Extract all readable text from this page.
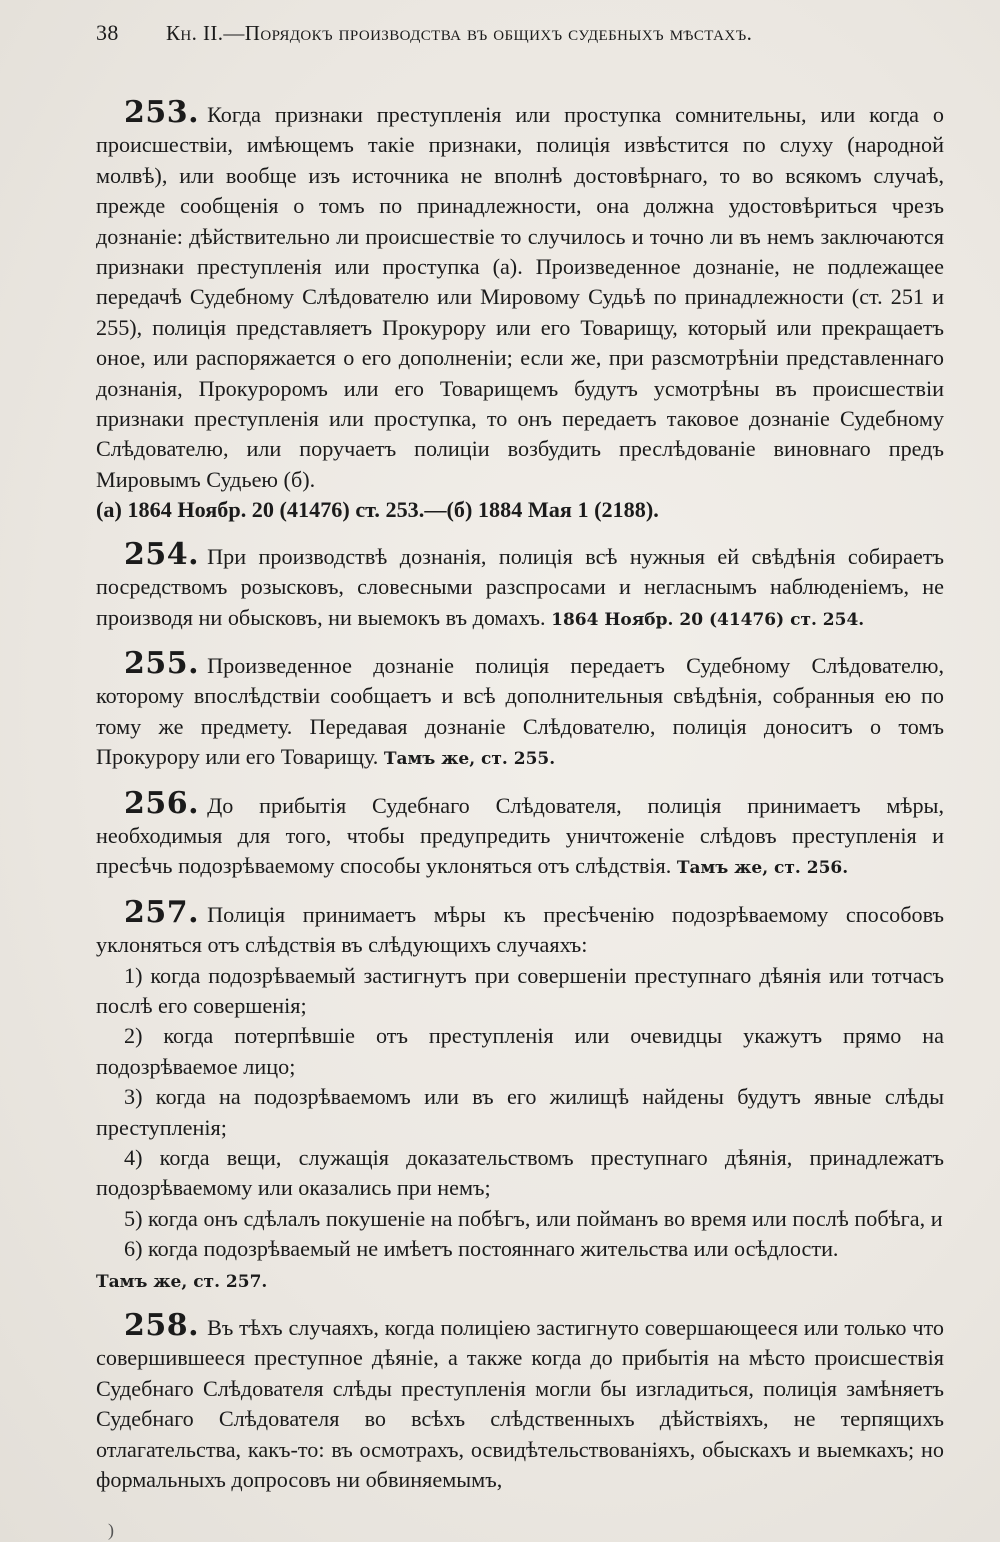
38	Кн. II.—Порядокъ производства въ общихъ судебныхъ мѣстахъ.

253. Когда признаки преступленія или проступка сомнительны, или когда о происшествіи, имѣющемъ такіе признаки, полиція извѣстится по слуху (народной молвѣ), или вообще изъ источника не вполнѣ достовѣрнаго, то во всякомъ случаѣ, прежде сообщенія о томъ по принадлежности, она должна удостовѣриться чрезъ дознаніе: дѣйствительно ли происшествіе то случилось и точно ли въ немъ заключаются признаки преступленія или проступка (а). Произведенное дознаніе, не подлежащее передачѣ Судебному Слѣдователю или Мировому Судьѣ по принадлежности (ст. 251 и 255), полиція представляетъ Прокурору или его Товарищу, который или прекращаетъ оное, или распоряжается о его дополненіи; если же, при разсмотрѣніи представленнаго дознанія, Прокуроромъ или его Товарищемъ будутъ усмотрѣны въ происшествіи признаки преступленія или проступка, то онъ передаетъ таковое дознаніе Судебному Слѣдователю, или поручаетъ полиціи возбудить преслѣдованіе виновнаго предъ Мировымъ Судьею (б).

(а) 1864 Ноябр. 20 (41476) ст. 253.—(б) 1884 Мая 1 (2188).

254. При производствѣ дознанія, полиція всѣ нужныя ей свѣдѣнія собираетъ посредствомъ розысковъ, словесными разспросами и негласнымъ наблюденіемъ, не производя ни обысковъ, ни выемокъ въ домахъ. 1864 Ноябр. 20 (41476) ст. 254.

255. Произведенное дознаніе полиція передаетъ Судебному Слѣдователю, которому впослѣдствіи сообщаетъ и всѣ дополнительныя свѣдѣнія, собранныя ею по тому же предмету. Передавая дознаніе Слѣдователю, полиція доноситъ о томъ Прокурору или его Товарищу. Тамъ же, ст. 255.

256. До прибытія Судебнаго Слѣдователя, полиція принимаетъ мѣры, необходимыя для того, чтобы предупредить уничтоженіе слѣдовъ преступленія и пресѣчь подозрѣваемому способы уклоняться отъ слѣдствія. Тамъ же, ст. 256.

257. Полиція принимаетъ мѣры къ пресѣченію подозрѣваемому способовъ уклоняться отъ слѣдствія въ слѣдующихъ случаяхъ:

1) когда подозрѣваемый застигнутъ при совершеніи преступнаго дѣянія или тотчасъ послѣ его совершенія;

2) когда потерпѣвшіе отъ преступленія или очевидцы укажутъ прямо на подозрѣваемое лицо;

3) когда на подозрѣваемомъ или въ его жилищѣ найдены будутъ явные слѣды преступленія;

4) когда вещи, служащія доказательствомъ преступнаго дѣянія, принадлежатъ подозрѣваемому или оказались при немъ;

5) когда онъ сдѣлалъ покушеніе на побѣгъ, или пойманъ во время или послѣ побѣга, и

6) когда подозрѣваемый не имѣетъ постояннаго жительства или осѣдлости.

Тамъ же, ст. 257.

258. Въ тѣхъ случаяхъ, когда полиціею застигнуто совершающееся или только что совершившееся преступное дѣяніе, а также когда до прибытія на мѣсто происшествія Судебнаго Слѣдователя слѣды преступленія могли бы изгладиться, полиція замѣняетъ Судебнаго Слѣдователя во всѣхъ слѣдственныхъ дѣйствіяхъ, не терпящихъ отлагательства, какъ-то: въ осмотрахъ, освидѣтельствованіяхъ, обыскахъ и выемкахъ; но формальныхъ допросовъ ни обвиняемымъ,

)
